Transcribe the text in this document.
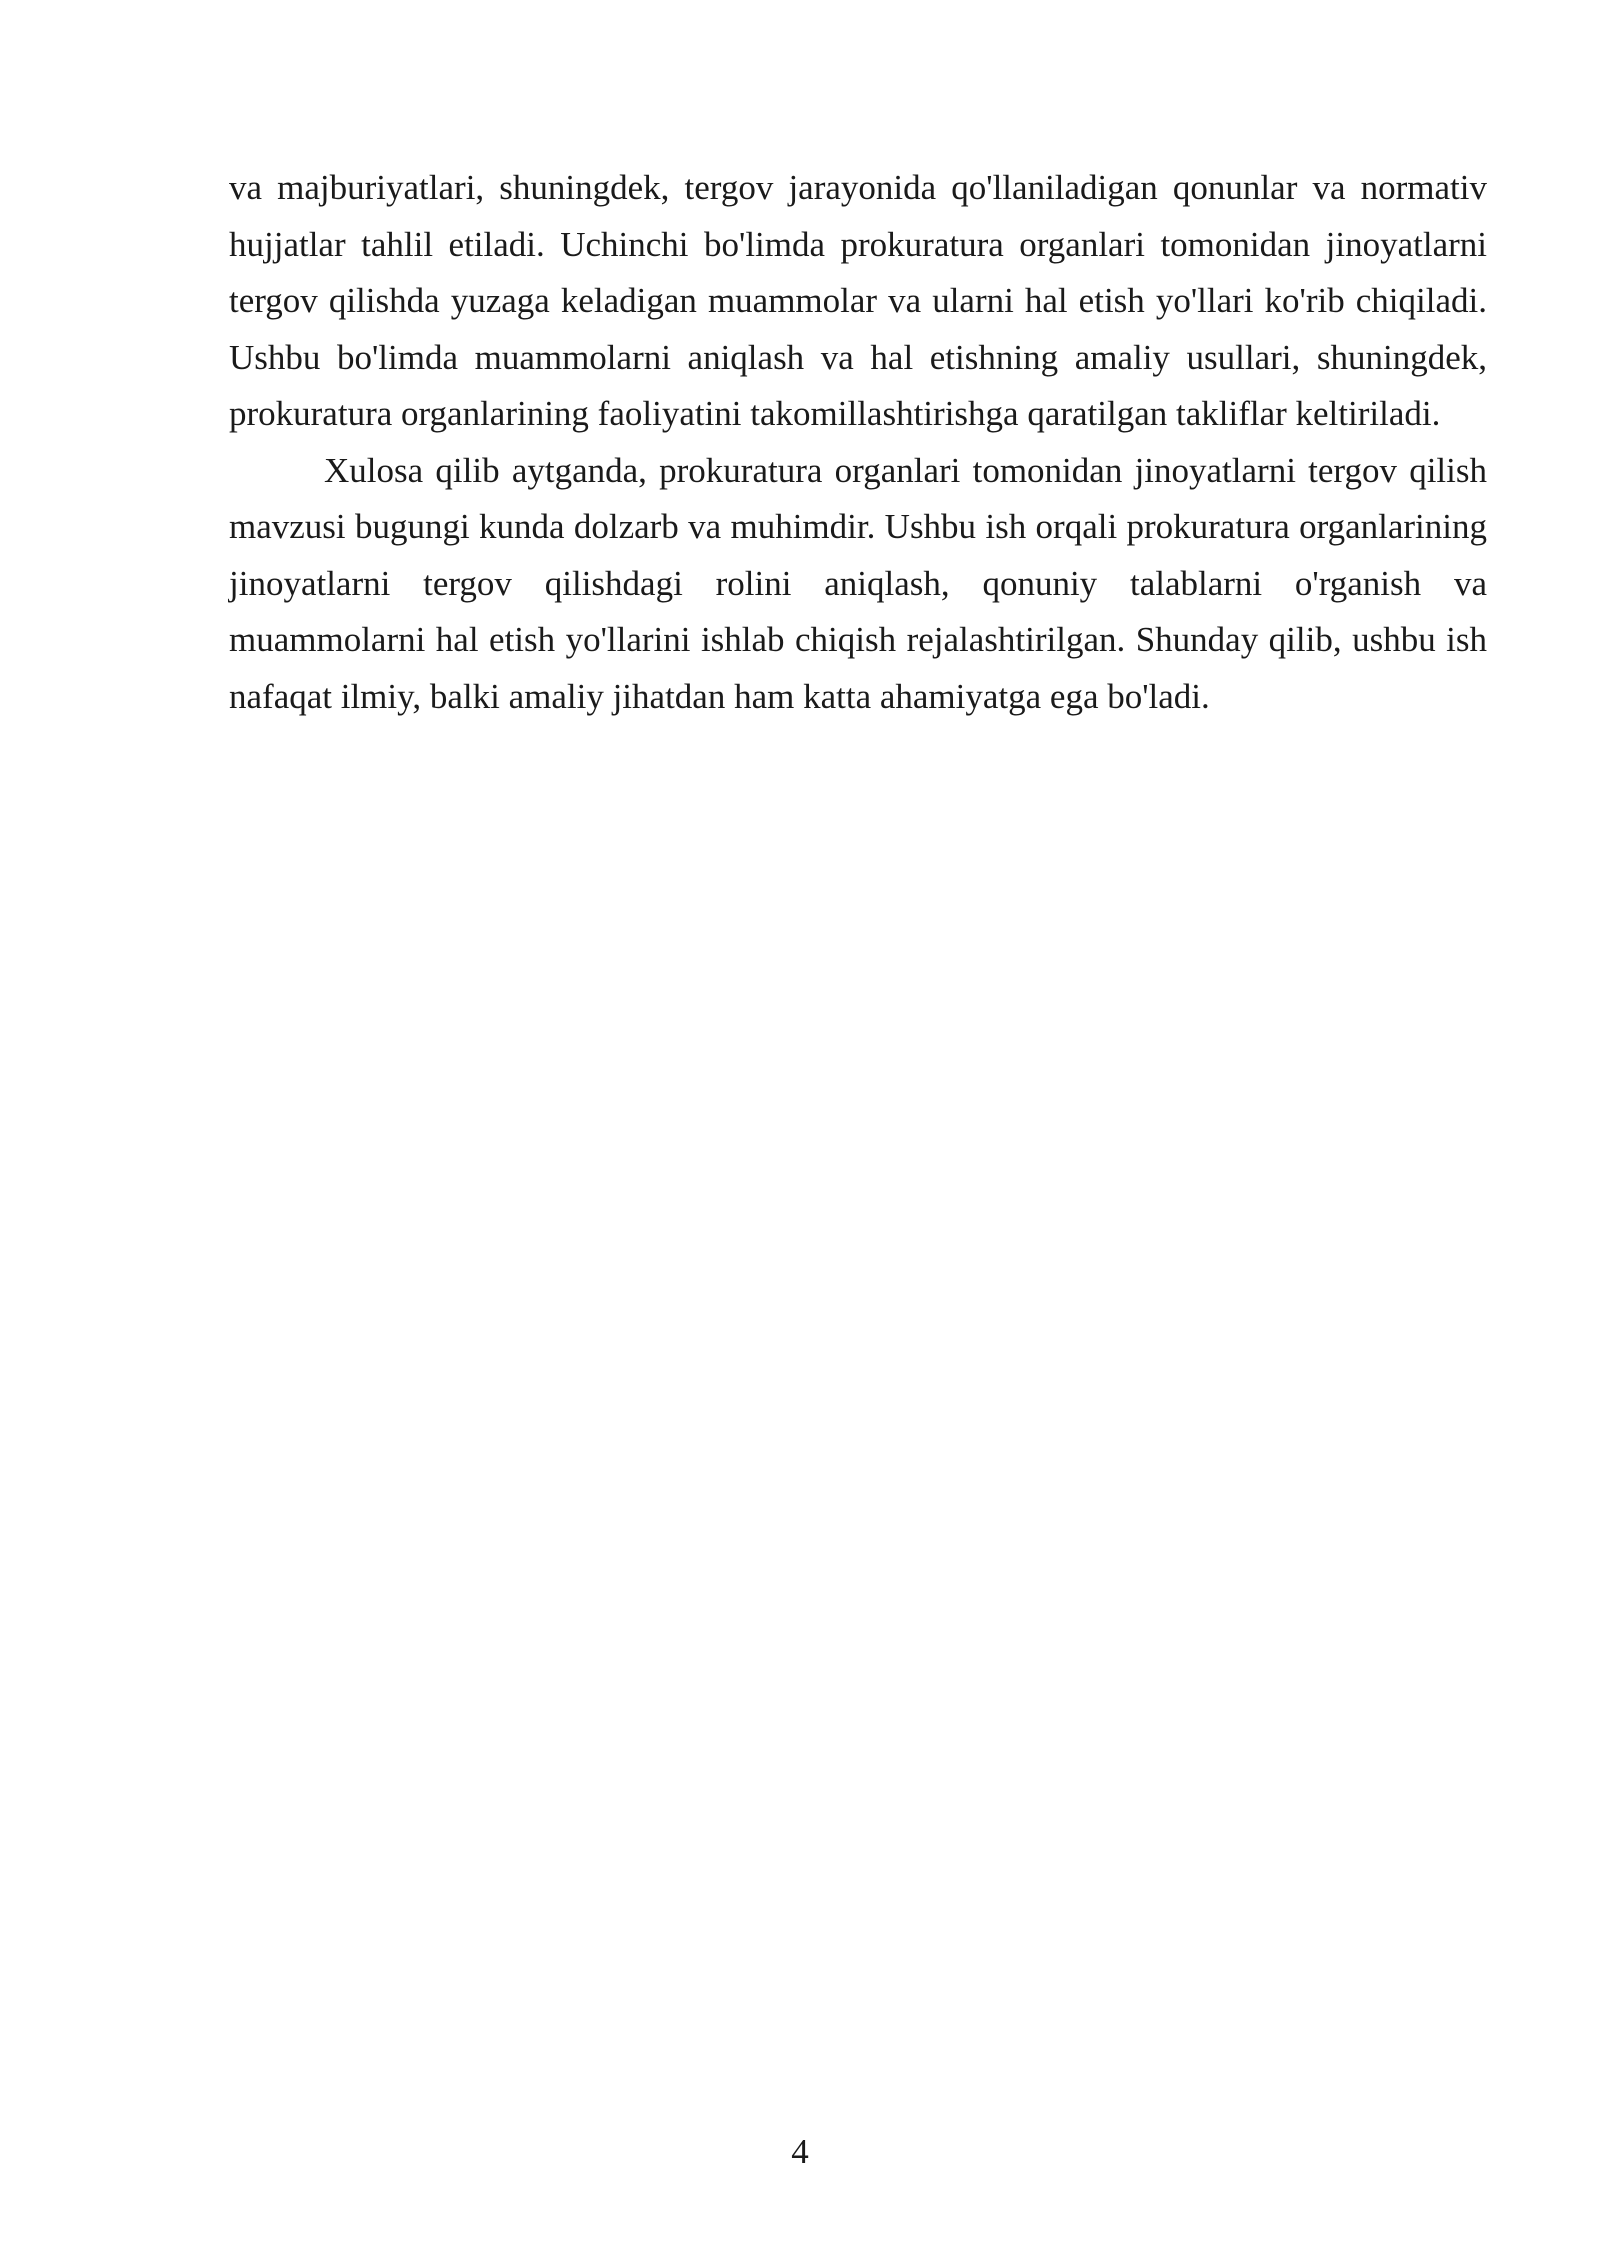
va majburiyatlari, shuningdek, tergov jarayonida qo'llaniladigan qonunlar va normativ hujjatlar tahlil etiladi. Uchinchi bo'limda prokuratura organlari tomonidan jinoyatlarni tergov qilishda yuzaga keladigan muammolar va ularni hal etish yo'llari ko'rib chiqiladi. Ushbu bo'limda muammolarni aniqlash va hal etishning amaliy usullari, shuningdek, prokuratura organlarining faoliyatini takomillashtirishga qaratilgan takliflar keltiriladi.

Xulosa qilib aytganda, prokuratura organlari tomonidan jinoyatlarni tergov qilish mavzusi bugungi kunda dolzarb va muhimdir. Ushbu ish orqali prokuratura organlarining jinoyatlarni tergov qilishdagi rolini aniqlash, qonuniy talablarni o'rganish va muammolarni hal etish yo'llarini ishlab chiqish rejalashtirilgan. Shunday qilib, ushbu ish nafaqat ilmiy, balki amaliy jihatdan ham katta ahamiyatga ega bo'ladi.

4
